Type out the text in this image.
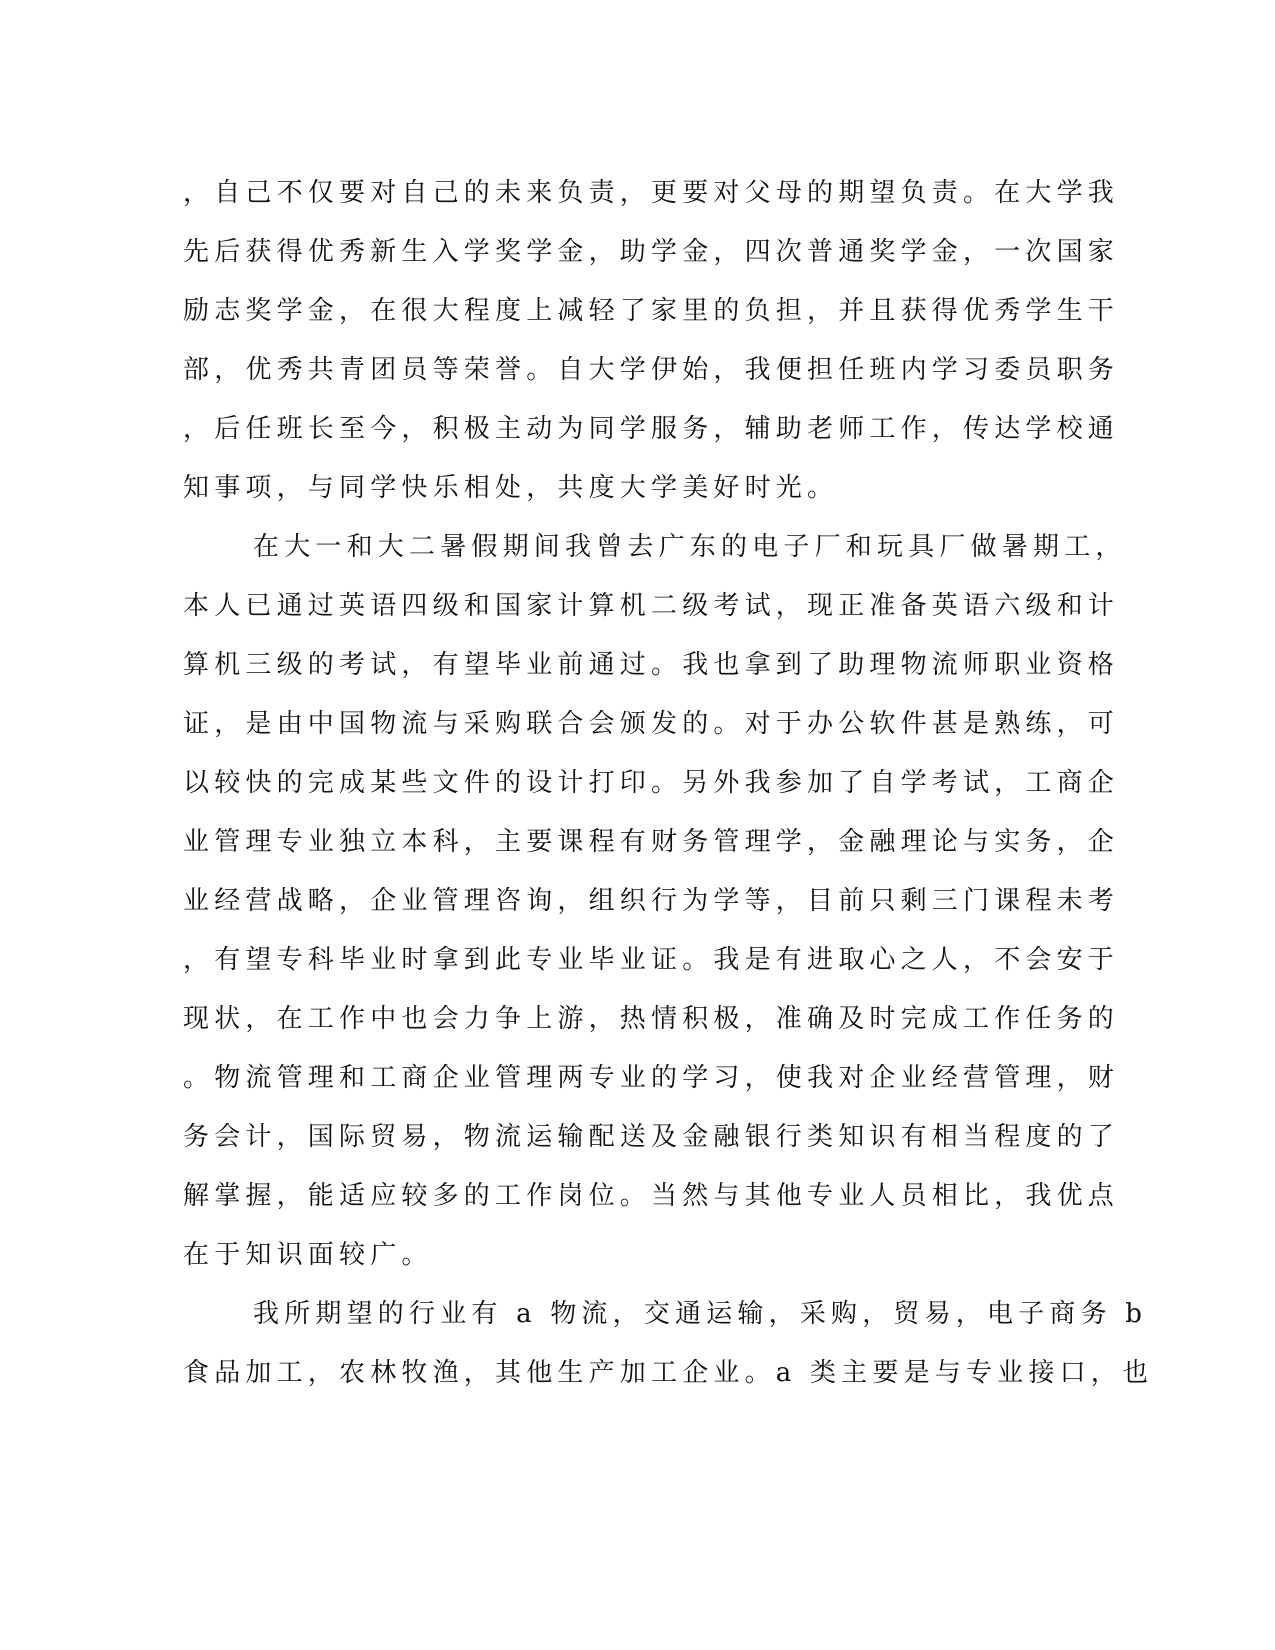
，自己不仅要对自己的未来负责，更要对父母的期望负责。在大学我
先后获得优秀新生入学奖学金，助学金，四次普通奖学金，一次国家
励志奖学金，在很大程度上减轻了家里的负担，并且获得优秀学生干
部，优秀共青团员等荣誉。自大学伊始，我便担任班内学习委员职务
，后任班长至今，积极主动为同学服务，辅助老师工作，传达学校通
知事项，与同学快乐相处，共度大学美好时光。
在大一和大二暑假期间我曾去广东的电子厂和玩具厂做暑期工，
本人已通过英语四级和国家计算机二级考试，现正准备英语六级和计
算机三级的考试，有望毕业前通过。我也拿到了助理物流师职业资格
证，是由中国物流与采购联合会颁发的。对于办公软件甚是熟练，可
以较快的完成某些文件的设计打印。另外我参加了自学考试，工商企
业管理专业独立本科，主要课程有财务管理学，金融理论与实务，企
业经营战略，企业管理咨询，组织行为学等，目前只剩三门课程未考
，有望专科毕业时拿到此专业毕业证。我是有进取心之人，不会安于
现状，在工作中也会力争上游，热情积极，准确及时完成工作任务的
。物流管理和工商企业管理两专业的学习，使我对企业经营管理，财
务会计，国际贸易，物流运输配送及金融银行类知识有相当程度的了
解掌握，能适应较多的工作岗位。当然与其他专业人员相比，我优点
在于知识面较广。
我所期望的行业有 a 物流，交通运输，采购，贸易，电子商务 b
食品加工，农林牧渔，其他生产加工企业。a 类主要是与专业接口，也
